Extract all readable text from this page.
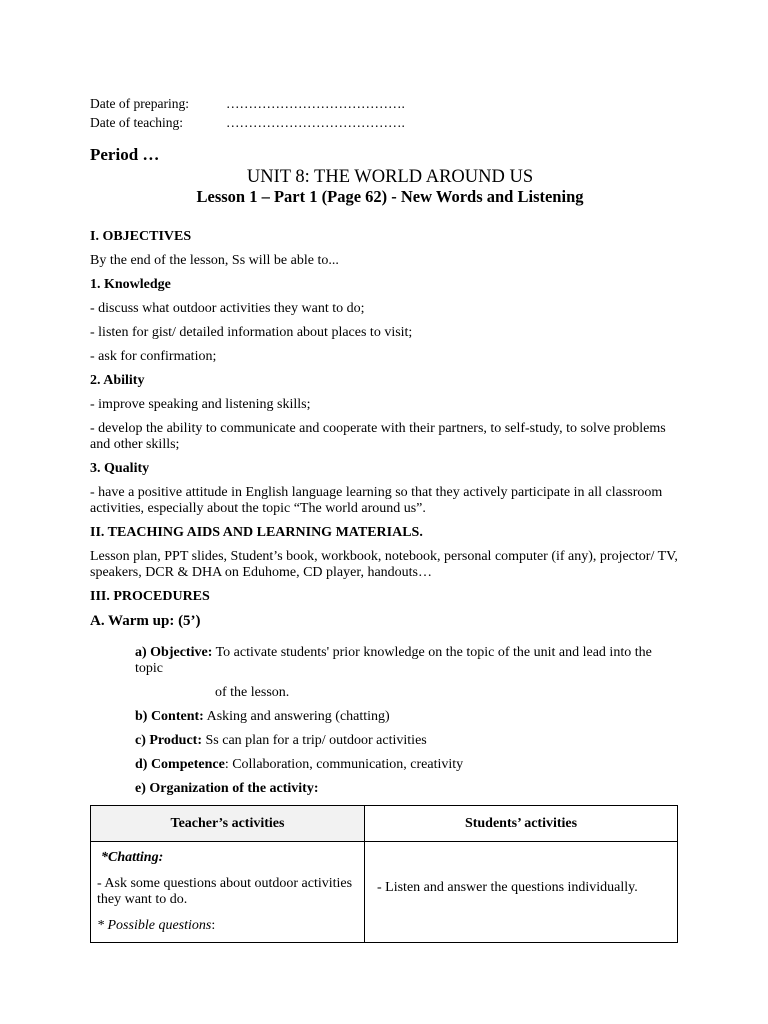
Date of preparing:	………………………………….
Date of teaching:	………………………………….
Period …
UNIT 8: THE WORLD AROUND US
Lesson 1 – Part 1 (Page 62) - New Words and Listening

I. OBJECTIVES

By the end of the lesson, Ss will be able to...

1. Knowledge

- discuss what outdoor activities they want to do;

- listen for gist/ detailed information about places to visit;

- ask for confirmation;

2. Ability

- improve speaking and listening skills;

- develop the ability to communicate and cooperate with their partners, to self-study, to solve problems and other skills;

3. Quality

- have a positive attitude in English language learning so that they actively participate in all classroom activities, especially about the topic “The world around us”.

II. TEACHING AIDS AND LEARNING MATERIALS.

Lesson plan, PPT slides, Student’s book, workbook, notebook, personal computer (if any), projector/ TV, speakers, DCR & DHA on Eduhome, CD player, handouts…

III. PROCEDURES

A. Warm up: (5’)

a) Objective: To activate students' prior knowledge on the topic of the unit and lead into the topic

of the lesson.

b) Content: Asking and answering (chatting)

c) Product: Ss can plan for a trip/ outdoor activities

d) Competence: Collaboration, communication, creativity

e) Organization of the activity:

Teacher’s activities	Students’ activities

*Chatting:

- Ask some questions about outdoor activities they want to do.

* Possible questions:	- Listen and answer the questions individually.
